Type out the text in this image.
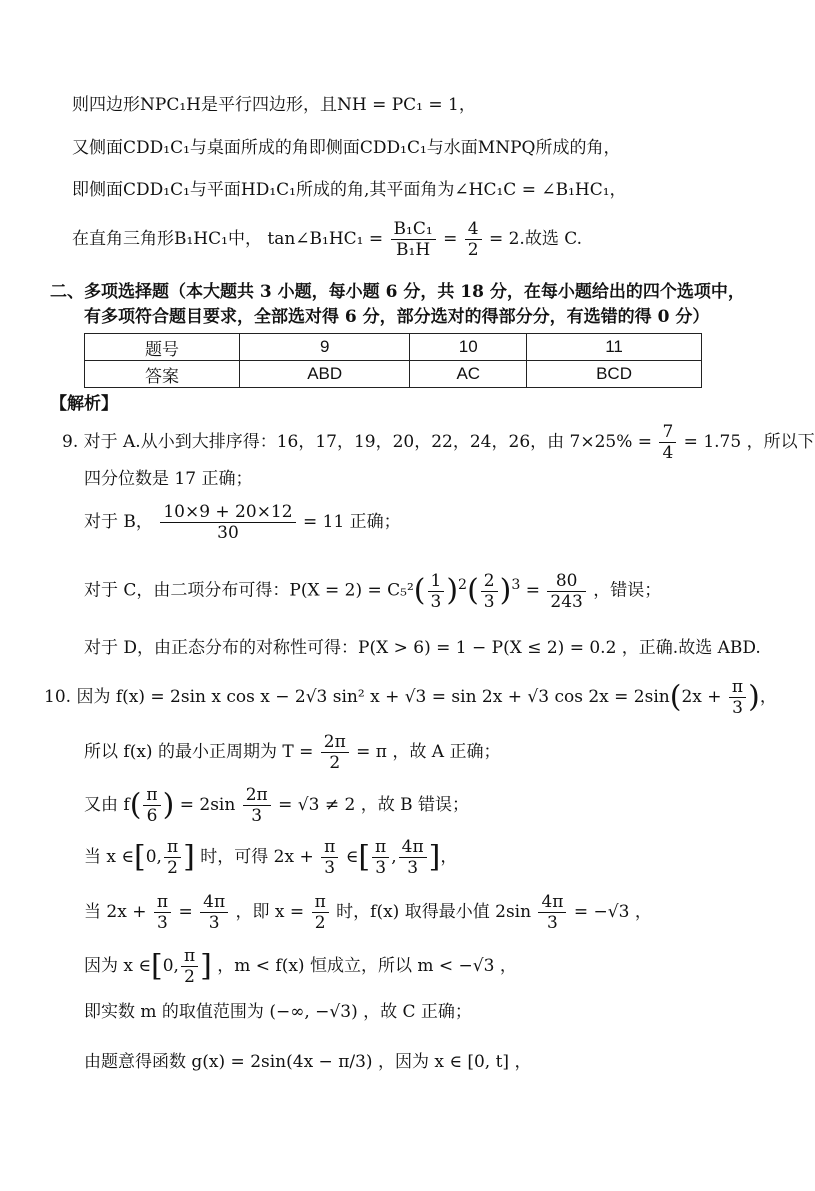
则四边形NPC₁H是平行四边形，且NH = PC₁ = 1，
又侧面CDD₁C₁与桌面所成的角即侧面CDD₁C₁与水面MNPQ所成的角，
即侧面CDD₁C₁与平面HD₁C₁所成的角,其平面角为∠HC₁C = ∠B₁HC₁，
在直角三角形B₁HC₁中， tan∠B₁HC₁ = $\frac{\text{B₁C₁}}{\text{B₁H}} = \frac{4}{2} = 2$.故选 C.
二、多项选择题（本大题共 3 小题，每小题 6 分，共 18 分，在每小题给出的四个选项中，
有多项符合题目要求，全部选对得 6 分，部分选对的得部分分，有选错的得 0 分）
题号	9	10	11
答案	ABD	AC	BCD
【解析】
9. 对于 A.从小到大排序得：16，17，19，20，22，24，26，由 $7\times 25\% = \frac{7}{4} = 1.75$ ，所以下
四分位数是 17 正确；
对于 B， $\frac{10\times 9 + 20\times 12}{30} = 11$ 正确；
对于 C，由二项分布可得：$P(X = 2) = C_5^2( \frac{1}{3} )^2( \frac{2}{3} )^3 = \frac{80}{243}$ ，错误；
对于 D，由正态分布的对称性可得：P(X > 6) = 1 − P(X ≤ 2) = 0.2 ，正确.故选 ABD.
10. 因为 f(x) = 2sin x cos x − 2√3 sin² x + √3 = sin 2x + √3 $\cos 2x = 2\sin(2x + \frac{\pi}{3}$ )，
所以 f(x) 的最小正周期为 $T = \frac{2\pi}{2} = \pi$ ，故 A 正确；
又由 $f( \frac{\pi}{6}$ ) = $2\sin \frac{2\pi}{3} = √3 \ne 2$ ，故 B 错误；
当 x ∈[0, $\frac{\pi}{2}$ ] 时，可得 $2x + \frac{\pi}{3}$ ∈[ $\frac{\pi}{3}$ , $\frac{4\pi}{3}$ ]，
当 $2x + \frac{\pi}{3} = \frac{4\pi}{3}$ ，即 $x = \frac{\pi}{2}$ 时，f(x) 取得最小值 $2\sin \frac{4\pi}{3} = -√3$ ，
因为 x ∈[0, $\frac{\pi}{2}$ ] ，m < f(x) 恒成立，所以 m < −√3 ，
即实数 m 的取值范围为 (−∞, −√3) ，故 C 正确；
由题意得函数 g(x) = 2sin(4x − π/3) ，因为 x ∈ [0, t] ，
